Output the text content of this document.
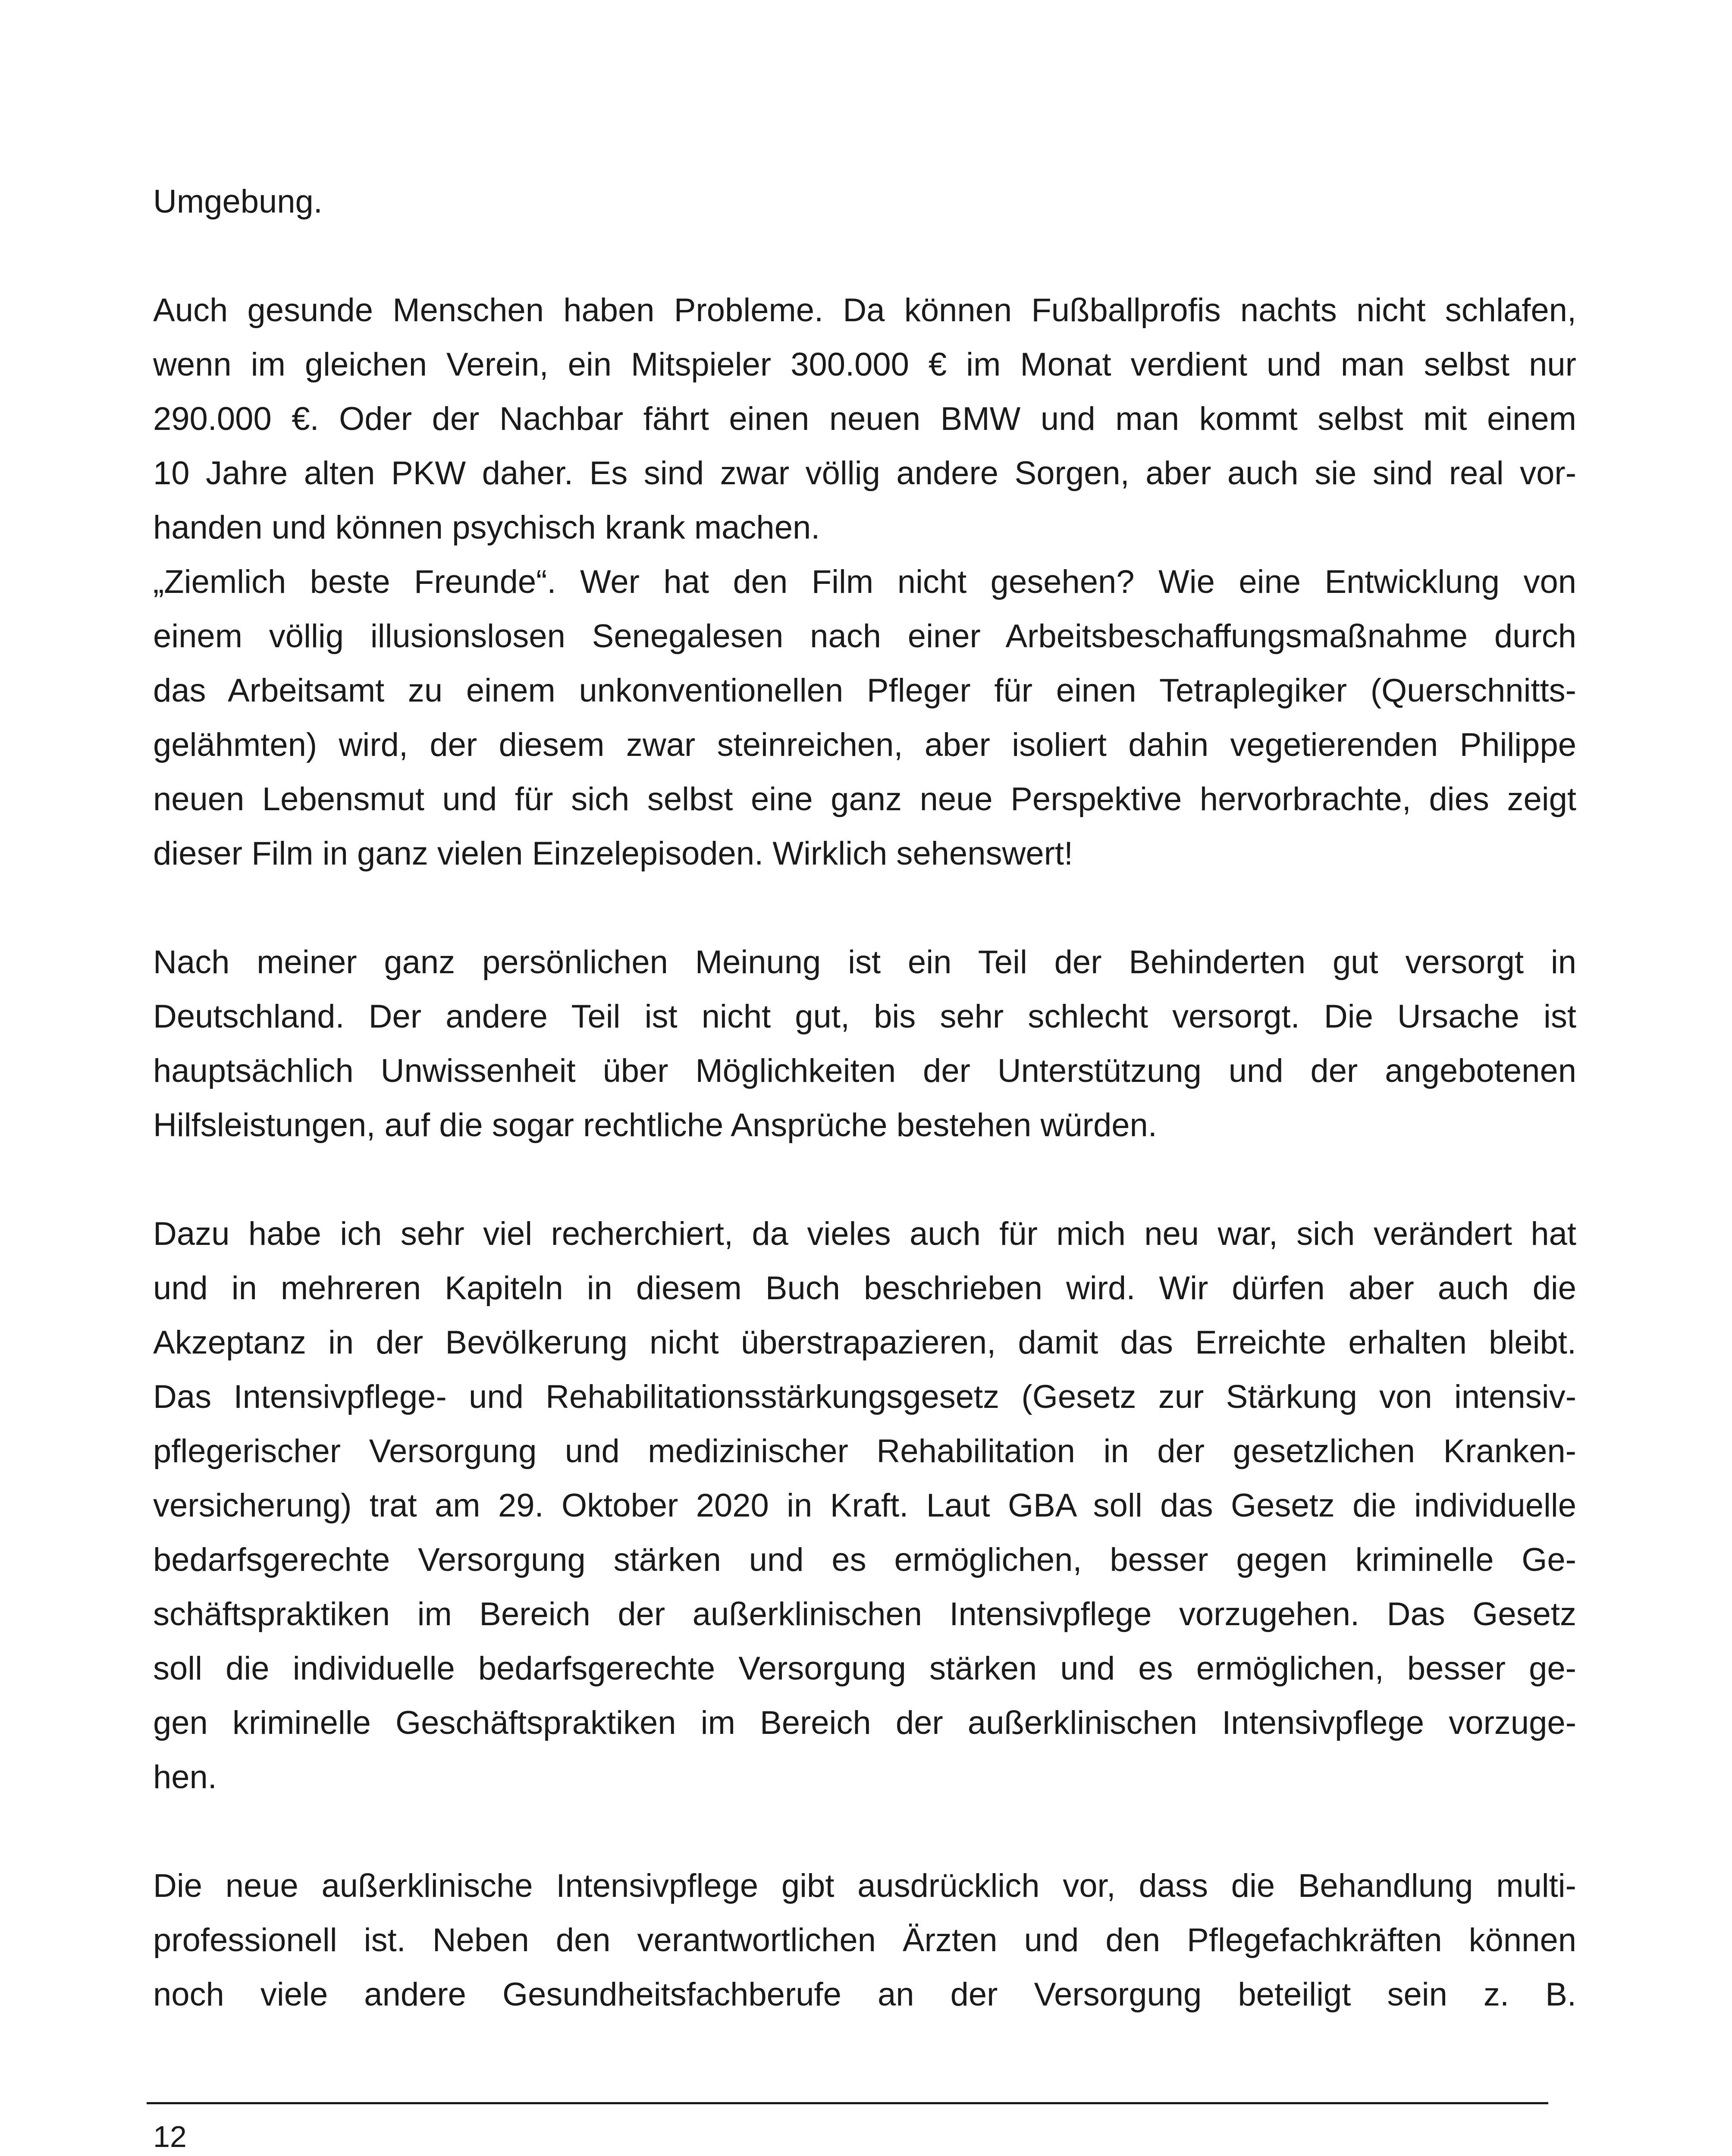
Umgebung.
Auch gesunde Menschen haben Probleme. Da können Fußballprofis nachts nicht schlafen,
wenn im gleichen Verein, ein Mitspieler 300.000 € im Monat verdient und man selbst nur
290.000 €. Oder der Nachbar fährt einen neuen BMW und man kommt selbst mit einem
10 Jahre alten PKW daher. Es sind zwar völlig andere Sorgen, aber auch sie sind real vor-
handen und können psychisch krank machen.
„Ziemlich beste Freunde“. Wer hat den Film nicht gesehen? Wie eine Entwicklung von
einem völlig illusionslosen Senegalesen nach einer Arbeitsbeschaffungsmaßnahme durch
das Arbeitsamt zu einem unkonventionellen Pfleger für einen Tetraplegiker (Querschnitts-
gelähmten) wird, der diesem zwar steinreichen, aber isoliert dahin vegetierenden Philippe
neuen Lebensmut und für sich selbst eine ganz neue Perspektive hervorbrachte, dies zeigt
dieser Film in ganz vielen Einzelepisoden. Wirklich sehenswert!
Nach meiner ganz persönlichen Meinung ist ein Teil der Behinderten gut versorgt in
Deutschland. Der andere Teil ist nicht gut, bis sehr schlecht versorgt. Die Ursache ist
hauptsächlich Unwissenheit über Möglichkeiten der Unterstützung und der angebotenen
Hilfsleistungen, auf die sogar rechtliche Ansprüche bestehen würden.
Dazu habe ich sehr viel recherchiert, da vieles auch für mich neu war, sich verändert hat
und in mehreren Kapiteln in diesem Buch beschrieben wird. Wir dürfen aber auch die
Akzeptanz in der Bevölkerung nicht überstrapazieren, damit das Erreichte erhalten bleibt.
Das Intensivpflege- und Rehabilitationsstärkungsgesetz (Gesetz zur Stärkung von intensiv-
pflegerischer Versorgung und medizinischer Rehabilitation in der gesetzlichen Kranken-
versicherung) trat am 29. Oktober 2020 in Kraft. Laut GBA soll das Gesetz die individuelle
bedarfsgerechte Versorgung stärken und es ermöglichen, besser gegen kriminelle Ge-
schäftspraktiken im Bereich der außerklinischen Intensivpflege vorzugehen. Das Gesetz
soll die individuelle bedarfsgerechte Versorgung stärken und es ermöglichen, besser ge-
gen kriminelle Geschäftspraktiken im Bereich der außerklinischen Intensivpflege vorzuge-
hen.
Die neue außerklinische Intensivpflege gibt ausdrücklich vor, dass die Behandlung multi-
professionell ist. Neben den verantwortlichen Ärzten und den Pflegefachkräften können
noch viele andere Gesundheitsfachberufe an der Versorgung beteiligt sein z. B.
12
